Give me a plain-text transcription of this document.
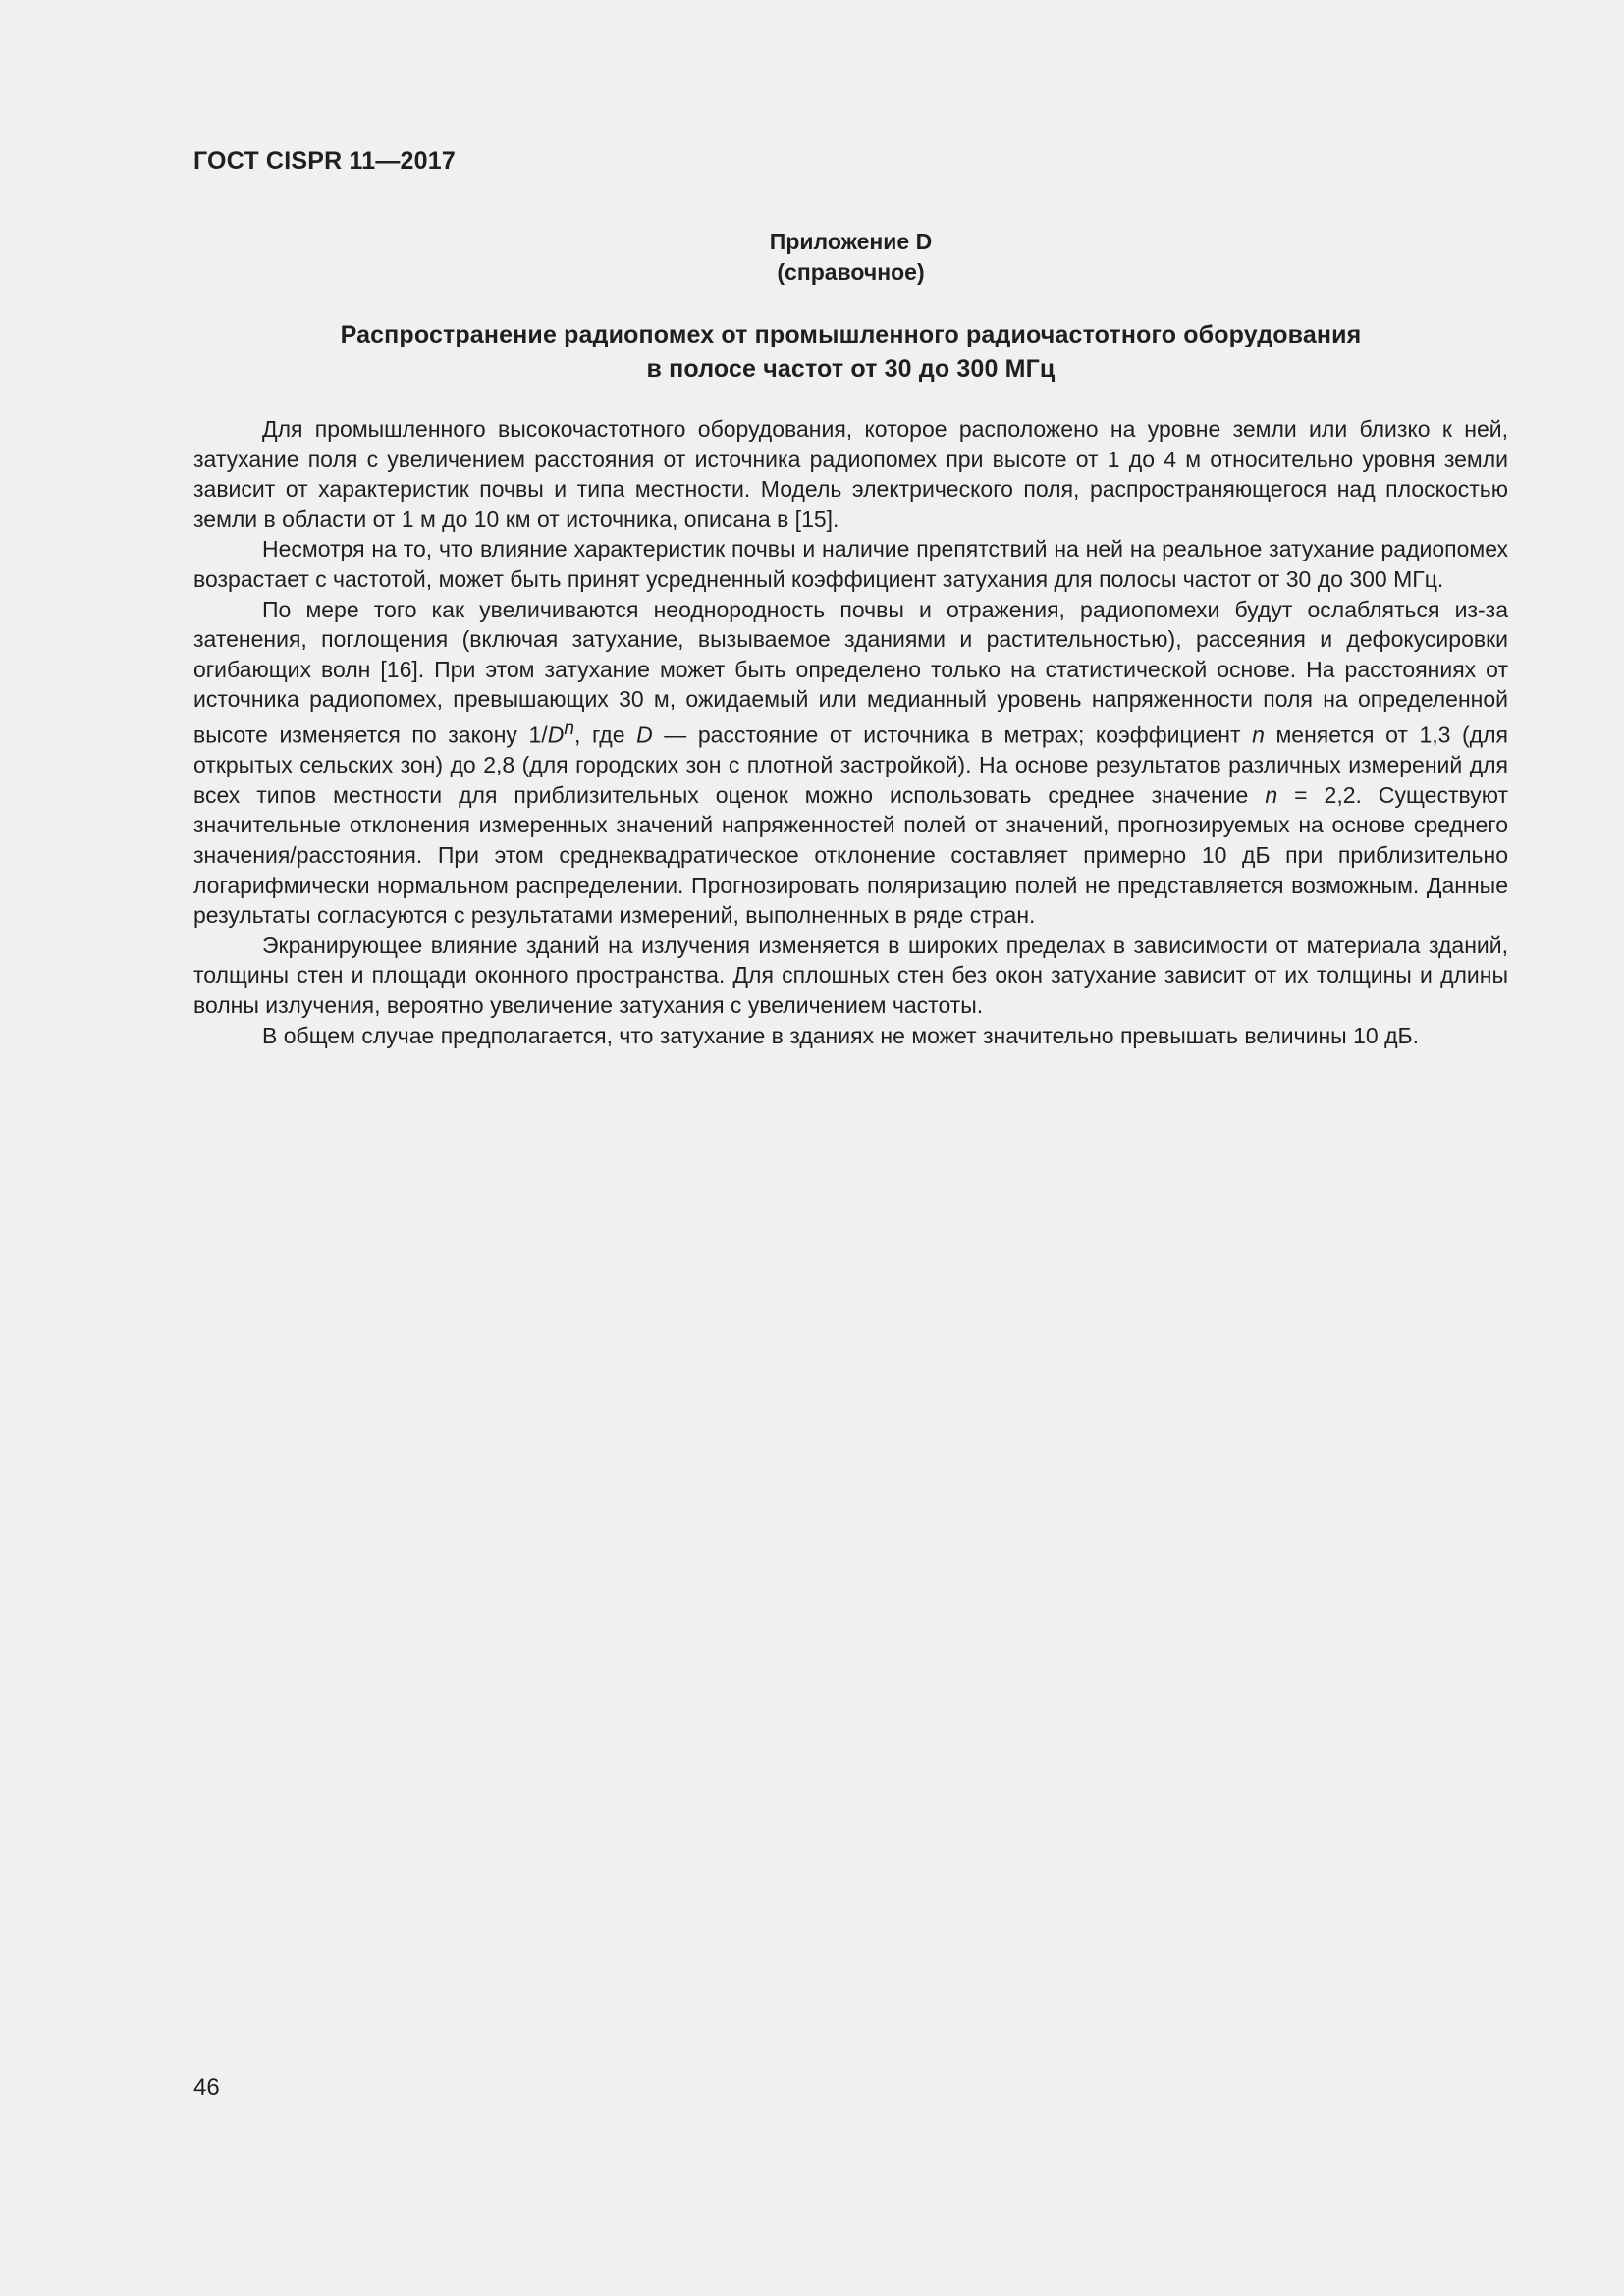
ГОСТ CISPR 11—2017
Приложение D
(справочное)
Распространение радиопомех от промышленного радиочастотного оборудования
в полосе частот от 30 до 300 МГц

Для промышленного высокочастотного оборудования, которое расположено на уровне земли или близко к ней, затухание поля с увеличением расстояния от источника радиопомех при высоте от 1 до 4 м относительно уровня земли зависит от характеристик почвы и типа местности. Модель электрического поля, распространяющегося над плоскостью земли в области от 1 м до 10 км от источника, описана в [15].

Несмотря на то, что влияние характеристик почвы и наличие препятствий на ней на реальное затухание радиопомех возрастает с частотой, может быть принят усредненный коэффициент затухания для полосы частот от 30 до 300 МГц.

По мере того как увеличиваются неоднородность почвы и отражения, радиопомехи будут ослабляться из-за затенения, поглощения (включая затухание, вызываемое зданиями и растительностью), рассеяния и дефокусировки огибающих волн [16]. При этом затухание может быть определено только на статистической основе. На расстояниях от источника радиопомех, превышающих 30 м, ожидаемый или медианный уровень напряженности поля на определенной высоте изменяется по закону $1/D^n$, где D — расстояние от источника в метрах; коэффициент n меняется от 1,3 (для открытых сельских зон) до 2,8 (для городских зон с плотной застройкой). На основе результатов различных измерений для всех типов местности для приблизительных оценок можно использовать среднее значение n = 2,2. Существуют значительные отклонения измеренных значений напряженностей полей от значений, прогнозируемых на основе среднего значения/расстояния. При этом среднеквадратическое отклонение составляет примерно 10 дБ при приблизительно логарифмически нормальном распределении. Прогнозировать поляризацию полей не представляется возможным. Данные результаты согласуются с результатами измерений, выполненных в ряде стран.

Экранирующее влияние зданий на излучения изменяется в широких пределах в зависимости от материала зданий, толщины стен и площади оконного пространства. Для сплошных стен без окон затухание зависит от их толщины и длины волны излучения, вероятно увеличение затухания с увеличением частоты.

В общем случае предполагается, что затухание в зданиях не может значительно превышать величины 10 дБ.

46
